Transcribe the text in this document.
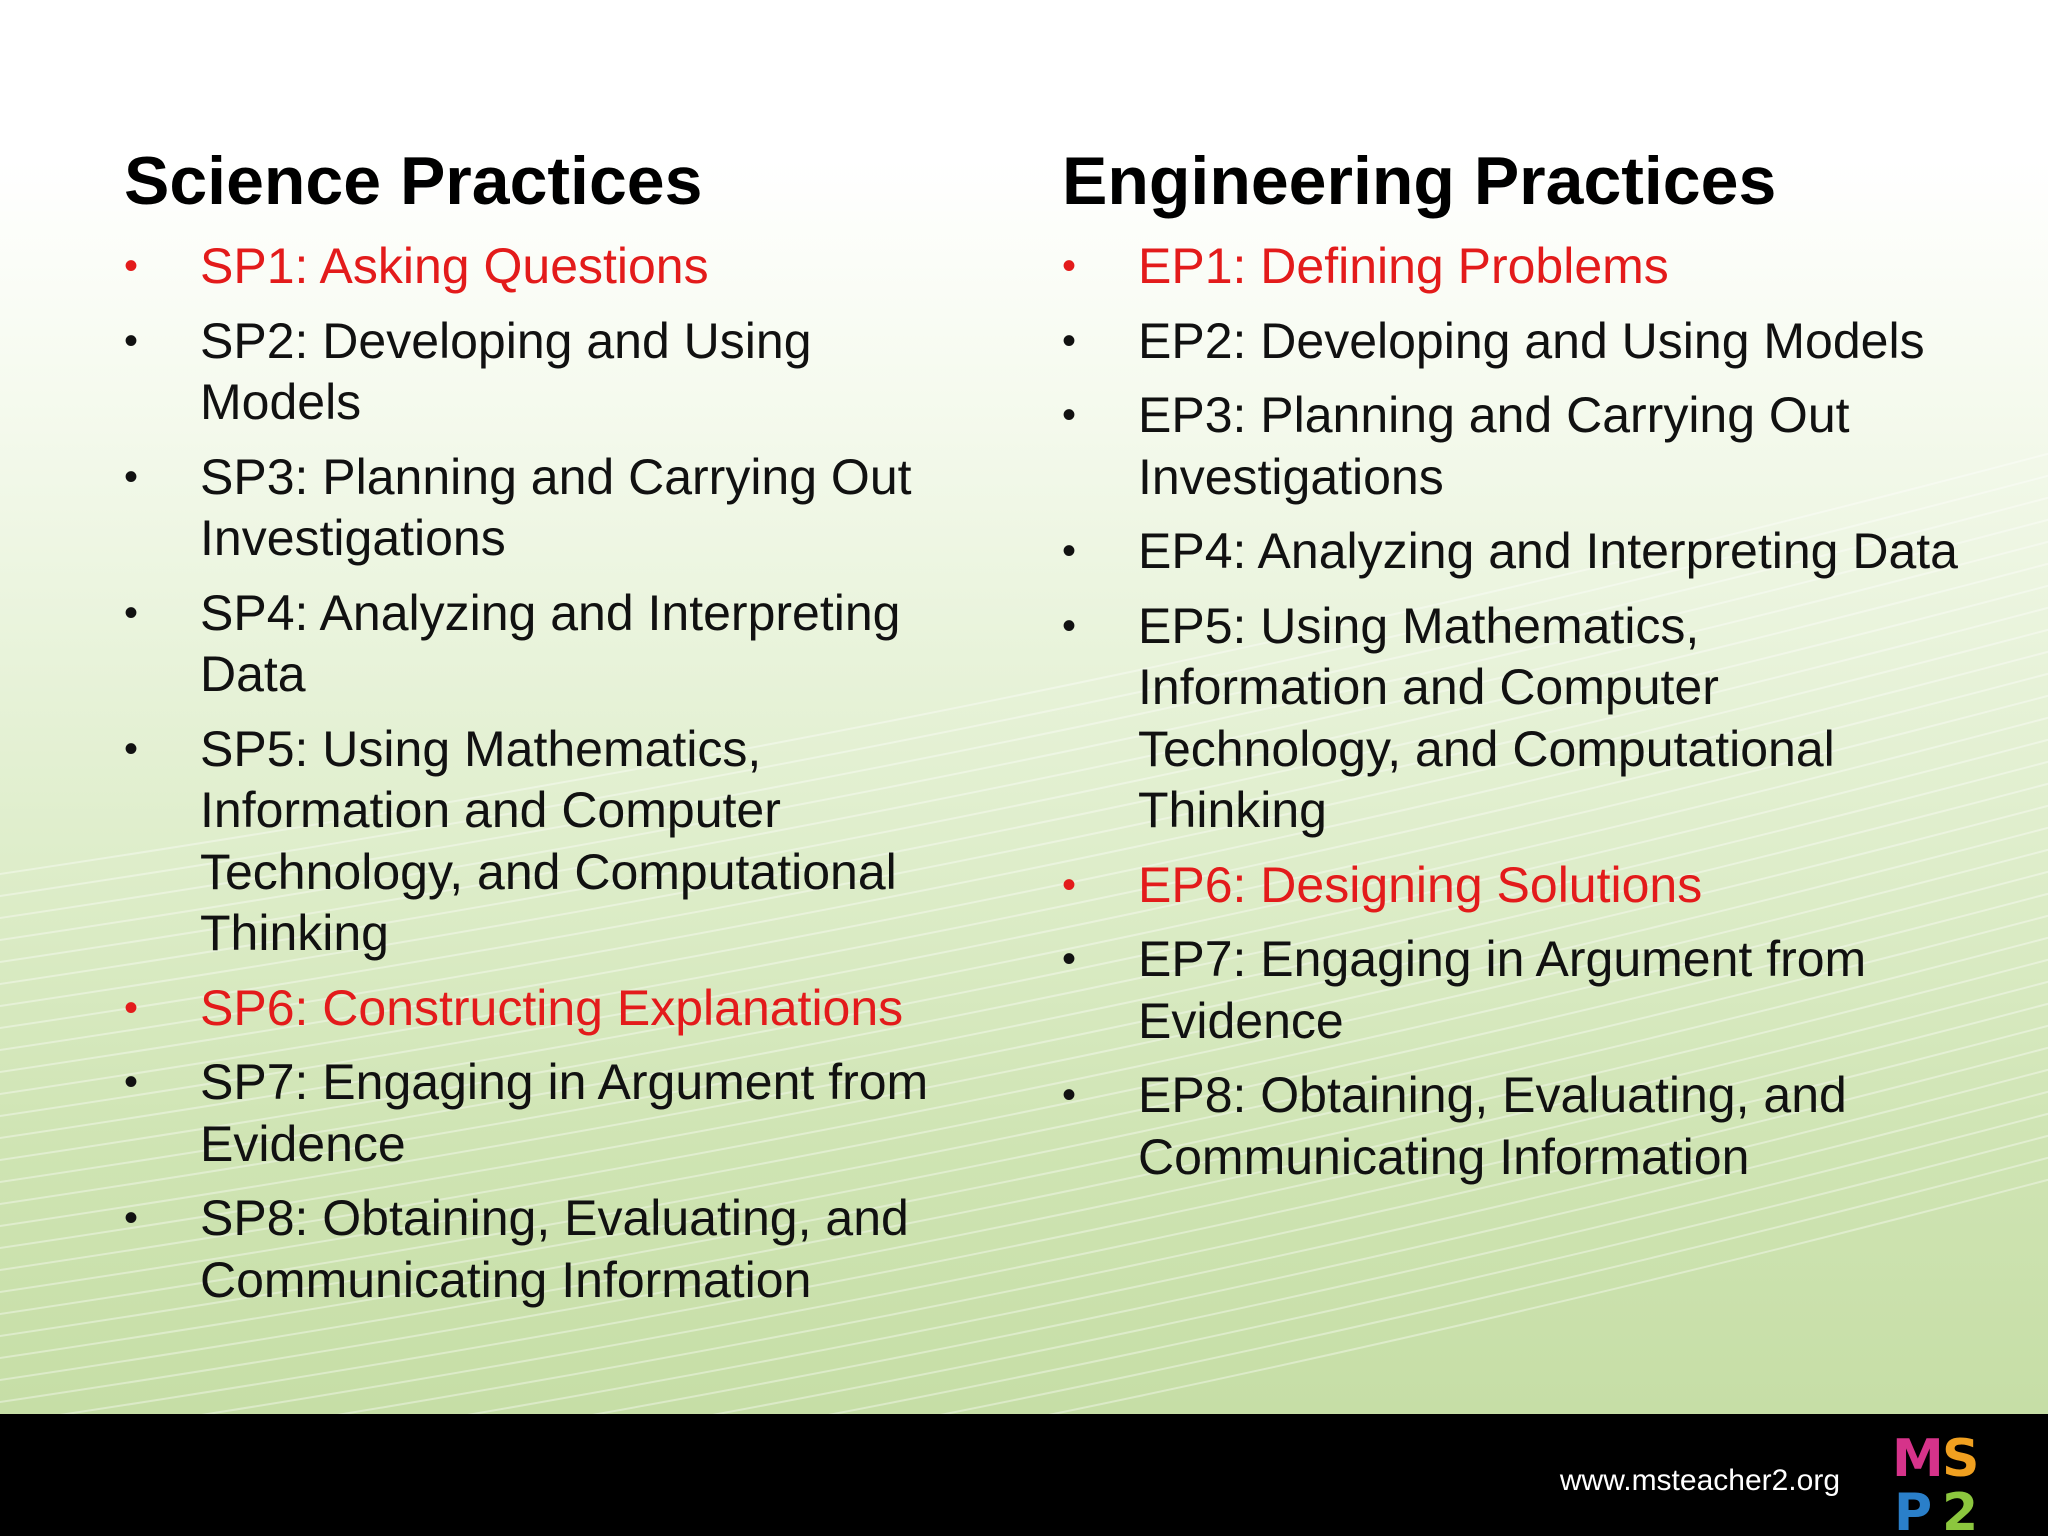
Science Practices
• SP1: Asking Questions
• SP2: Developing and Using Models
• SP3: Planning and Carrying Out Investigations
• SP4: Analyzing and Interpreting Data
• SP5: Using Mathematics, Information and Computer Technology, and Computational Thinking
• SP6: Constructing Explanations
• SP7: Engaging in Argument from Evidence
• SP8: Obtaining, Evaluating, and Communicating Information
Engineering Practices
• EP1: Defining Problems
• EP2: Developing and Using Models
• EP3: Planning and Carrying Out Investigations
• EP4: Analyzing and Interpreting Data
• EP5: Using Mathematics, Information and Computer Technology, and Computational Thinking
• EP6: Designing Solutions
• EP7: Engaging in Argument from Evidence
• EP8: Obtaining, Evaluating, and Communicating Information
www.msteacher2.org M
S
P 2
